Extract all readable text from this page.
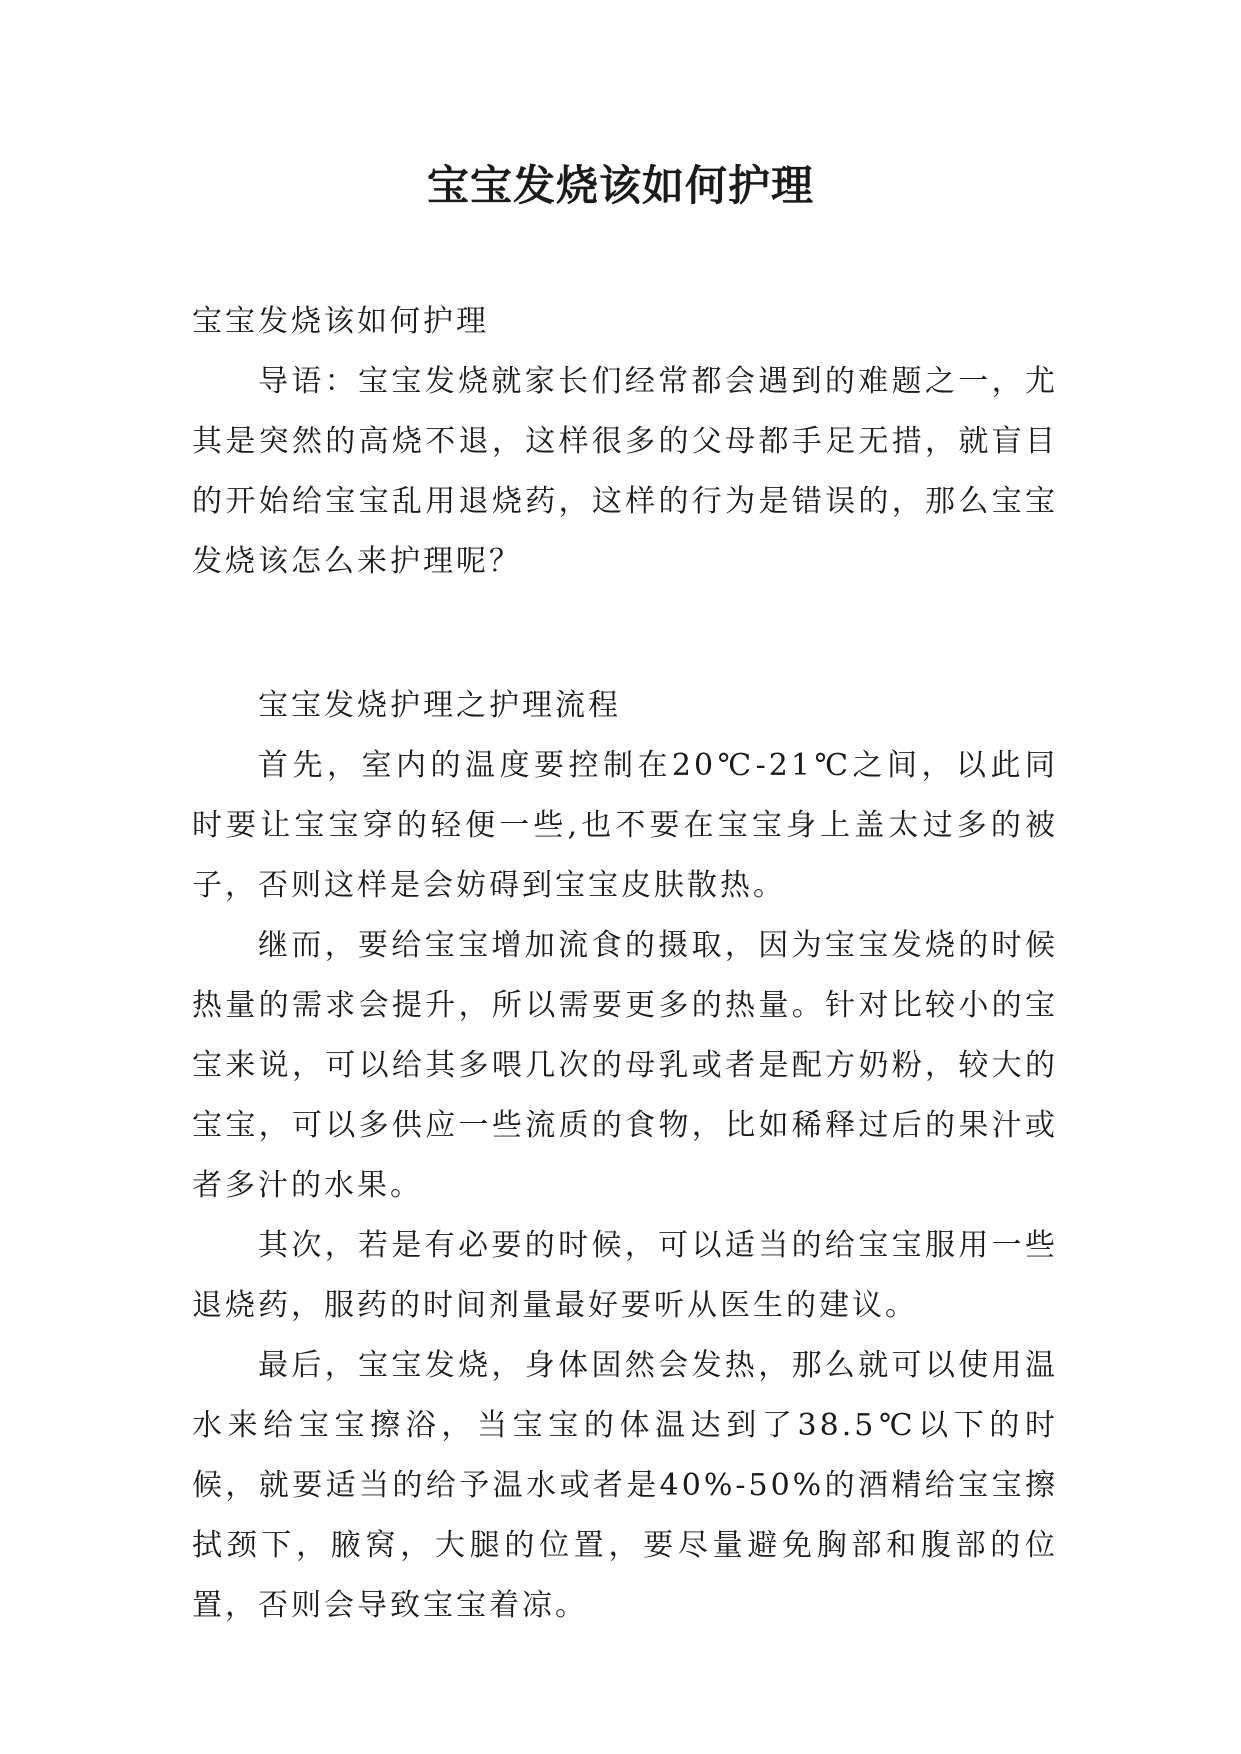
宝宝发烧该如何护理

宝宝发烧该如何护理

导语：宝宝发烧就家长们经常都会遇到的难题之一，尤其是突然的高烧不退，这样很多的父母都手足无措，就盲目的开始给宝宝乱用退烧药，这样的行为是错误的，那么宝宝发烧该怎么来护理呢？

宝宝发烧护理之护理流程

首先，室内的温度要控制在20℃-21℃之间，以此同时要让宝宝穿的轻便一些,也不要在宝宝身上盖太过多的被子，否则这样是会妨碍到宝宝皮肤散热。

继而，要给宝宝增加流食的摄取，因为宝宝发烧的时候热量的需求会提升，所以需要更多的热量。针对比较小的宝宝来说，可以给其多喂几次的母乳或者是配方奶粉，较大的宝宝，可以多供应一些流质的食物，比如稀释过后的果汁或者多汁的水果。

其次，若是有必要的时候，可以适当的给宝宝服用一些退烧药，服药的时间剂量最好要听从医生的建议。

最后，宝宝发烧，身体固然会发热，那么就可以使用温水来给宝宝擦浴，当宝宝的体温达到了38.5℃以下的时候，就要适当的给予温水或者是40%-50%的酒精给宝宝擦拭颈下，腋窝，大腿的位置，要尽量避免胸部和腹部的位置，否则会导致宝宝着凉。
